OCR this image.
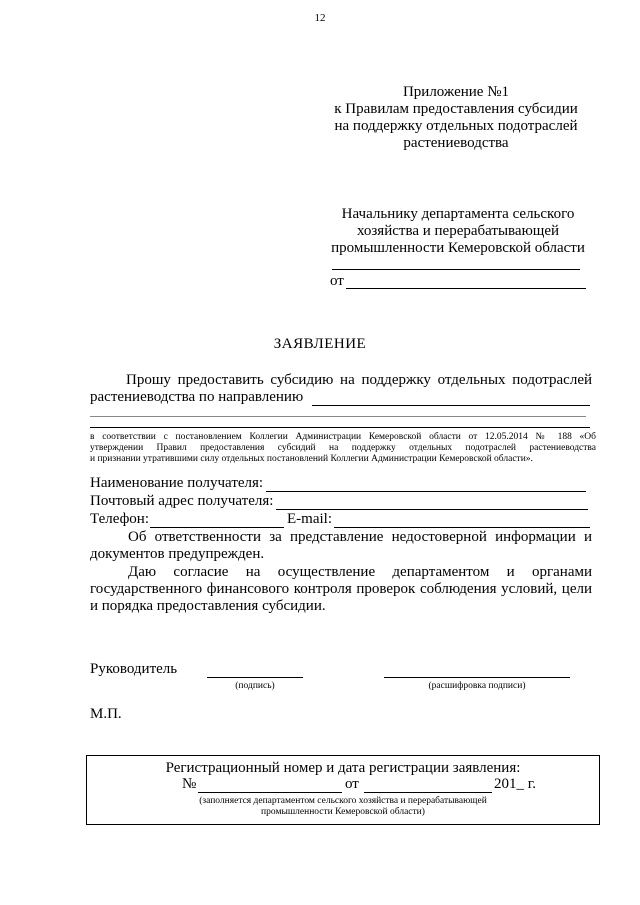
12
Приложение №1
к Правилам предоставления субсидии
на поддержку отдельных подотраслей
растениеводства
Начальнику департамента сельского
хозяйства и перерабатывающей
промышленности Кемеровской области
от
ЗАЯВЛЕНИЕ
Прошу предоставить субсидию на поддержку отдельных подотраслей
растениеводства по направлению
в соответствии с постановлением Коллегии Администрации Кемеровской области от 12.05.2014 № 188 «Об
утверждении Правил предоставления субсидий на поддержку отдельных подотраслей растениеводства
и признании утратившими силу отдельных постановлений Коллегии Администрации Кемеровской области».
Наименование получателя:
Почтовый адрес получателя:
Телефон:	E-mail:
Об ответственности за представление недостоверной информации и
документов предупрежден.
Даю согласие на осуществление департаментом и органами
государственного финансового контроля проверок соблюдения условий, цели
и порядка предоставления субсидии.
Руководитель
(подпись)	(расшифровка подписи)
М.П.
Регистрационный номер и дата регистрации заявления:
№	от	201_ г.
(заполняется департаментом сельского хозяйства и перерабатывающей
промышленности Кемеровской области)
